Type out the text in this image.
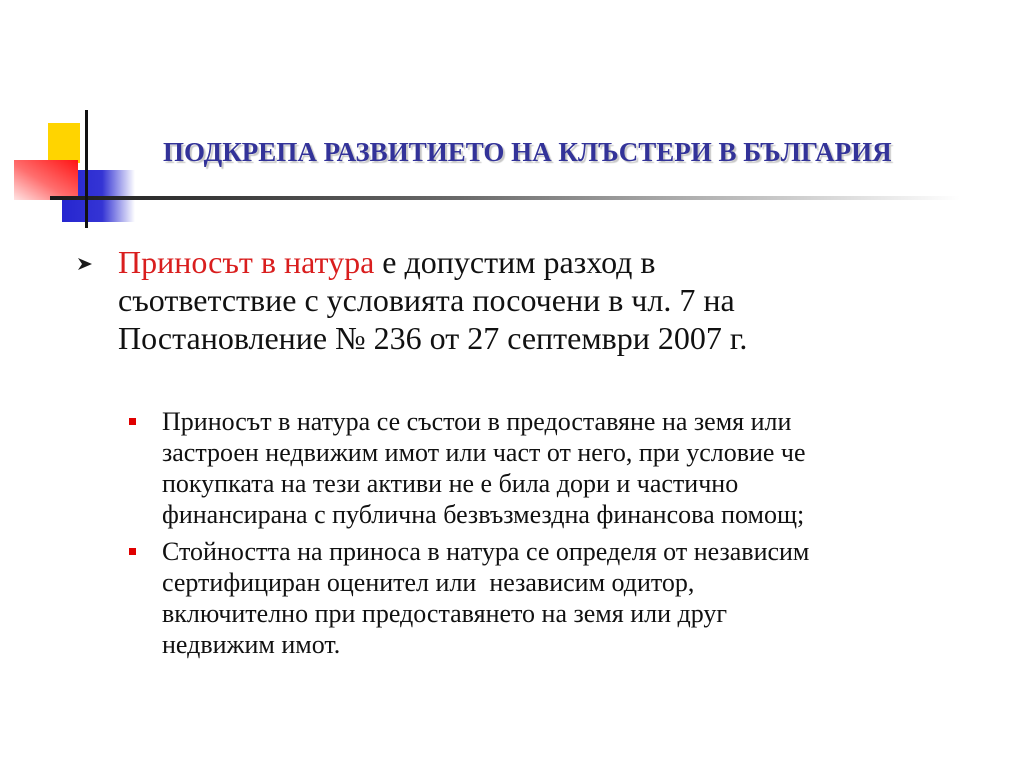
ПОДКРЕПА РАЗВИТИЕТО НА КЛЪСТЕРИ В БЪЛГАРИЯ
Приносът в натура е допустим разход в
съответствие с условията посочени в чл. 7 на
Постановление № 236 от 27 септември 2007 г.
Приносът в натура се състои в предоставяне на земя или
застроен недвижим имот или част от него, при условие че
покупката на тези активи не е била дори и частично
финансирана с публична безвъзмездна финансова помощ;
Стойността на приноса в натура се определя от независим
сертифициран оценител или  независим одитор,
включително при предоставянето на земя или друг
недвижим имот.
